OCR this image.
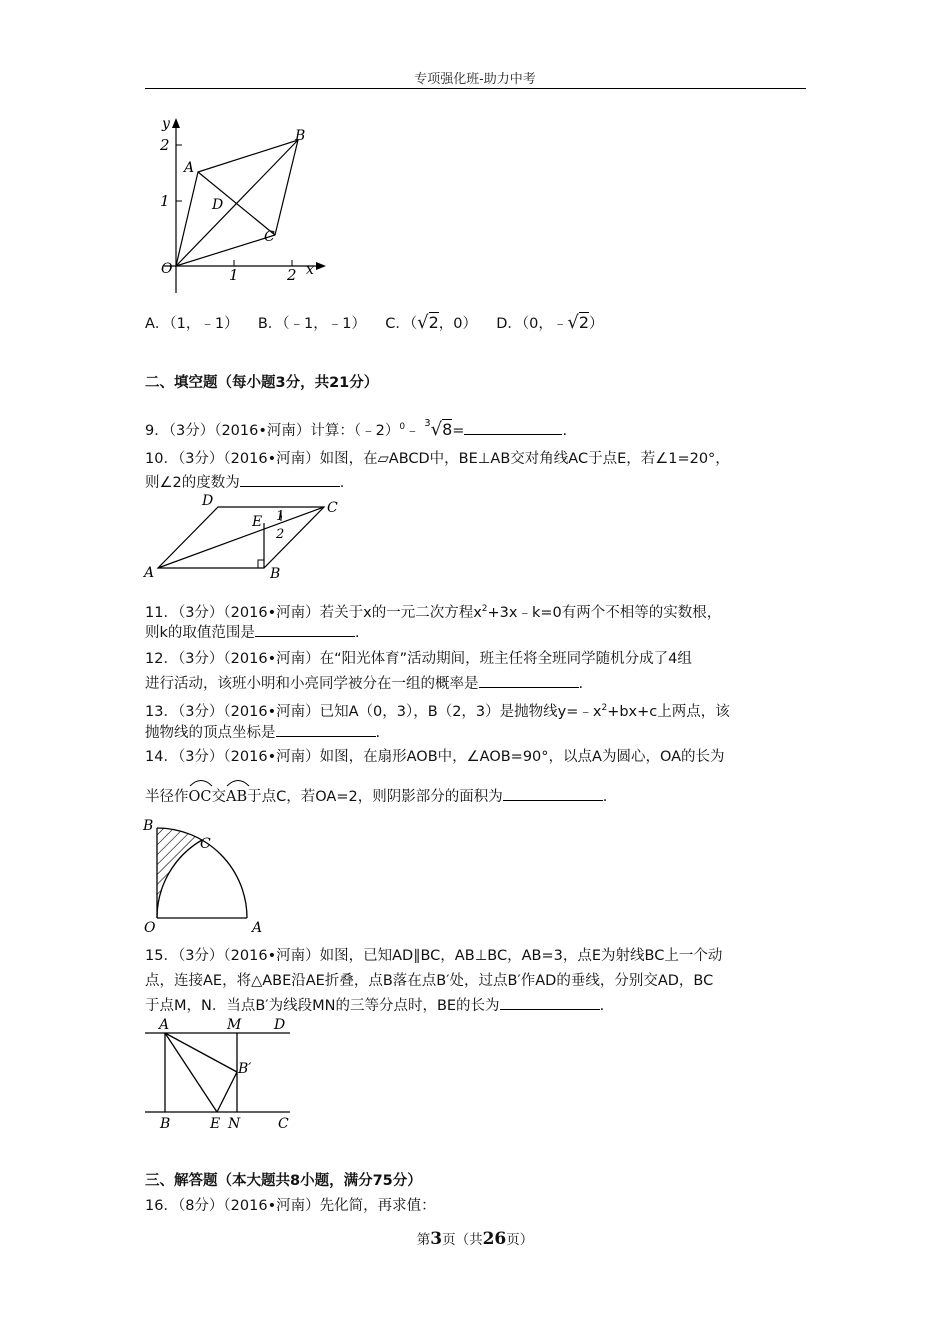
专项强化班-助力中考
y
x
A
B
C
D
O	1	2
1
2
A．（1，﹣1） B．（﹣1，﹣1） C．（√2，0） D．（0，﹣√2）
二、填空题（每小题3分，共21分）
9．（3分）（2016•河南）计算：（﹣2）$^0$﹣ $^3$√8=	.
10．（3分）（2016•河南）如图，在▱ABCD中，BE⊥AB交对角线AC于点E，若∠1=20°，
则∠2的度数为	.
A	B
C
D
E 1
2
11．（3分）（2016•河南）若关于x的一元二次方程$x^2+3x﹣k=0$有两个不相等的实数根，
则k的取值范围是	.
12．（3分）（2016•河南）在“阳光体育”活动期间，班主任将全班同学随机分成了4组
进行活动，该班小明和小亮同学被分在一组的概率是	.
13．（3分）（2016•河南）已知A（0，3），B（2，3）是抛物线$y=﹣x^2+bx+c$上两点，该
抛物线的顶点坐标是	.
14．（3分）（2016•河南）如图，在扇形AOB中，∠AOB=90°，以点A为圆心，OA的长为
半径作
OC交
AB于点C，若OA=2，则阴影部分的面积为	.
B
C
O	A
15．（3分）（2016•河南）如图，已知AD∥BC，AB⊥BC，AB=3，点E为射线BC上一个动
点，连接AE，将△ABE沿AE折叠，点B落在点B′处，过点B′作AD的垂线，分别交AD，BC
于点M，N．当点B′为线段MN的三等分点时，BE的长为	.
A	M D
B′
B	E N	C
三、解答题（本大题共8小题，满分75分）
16．（8分）（2016•河南）先化简，再求值：
第3页（共26页）
